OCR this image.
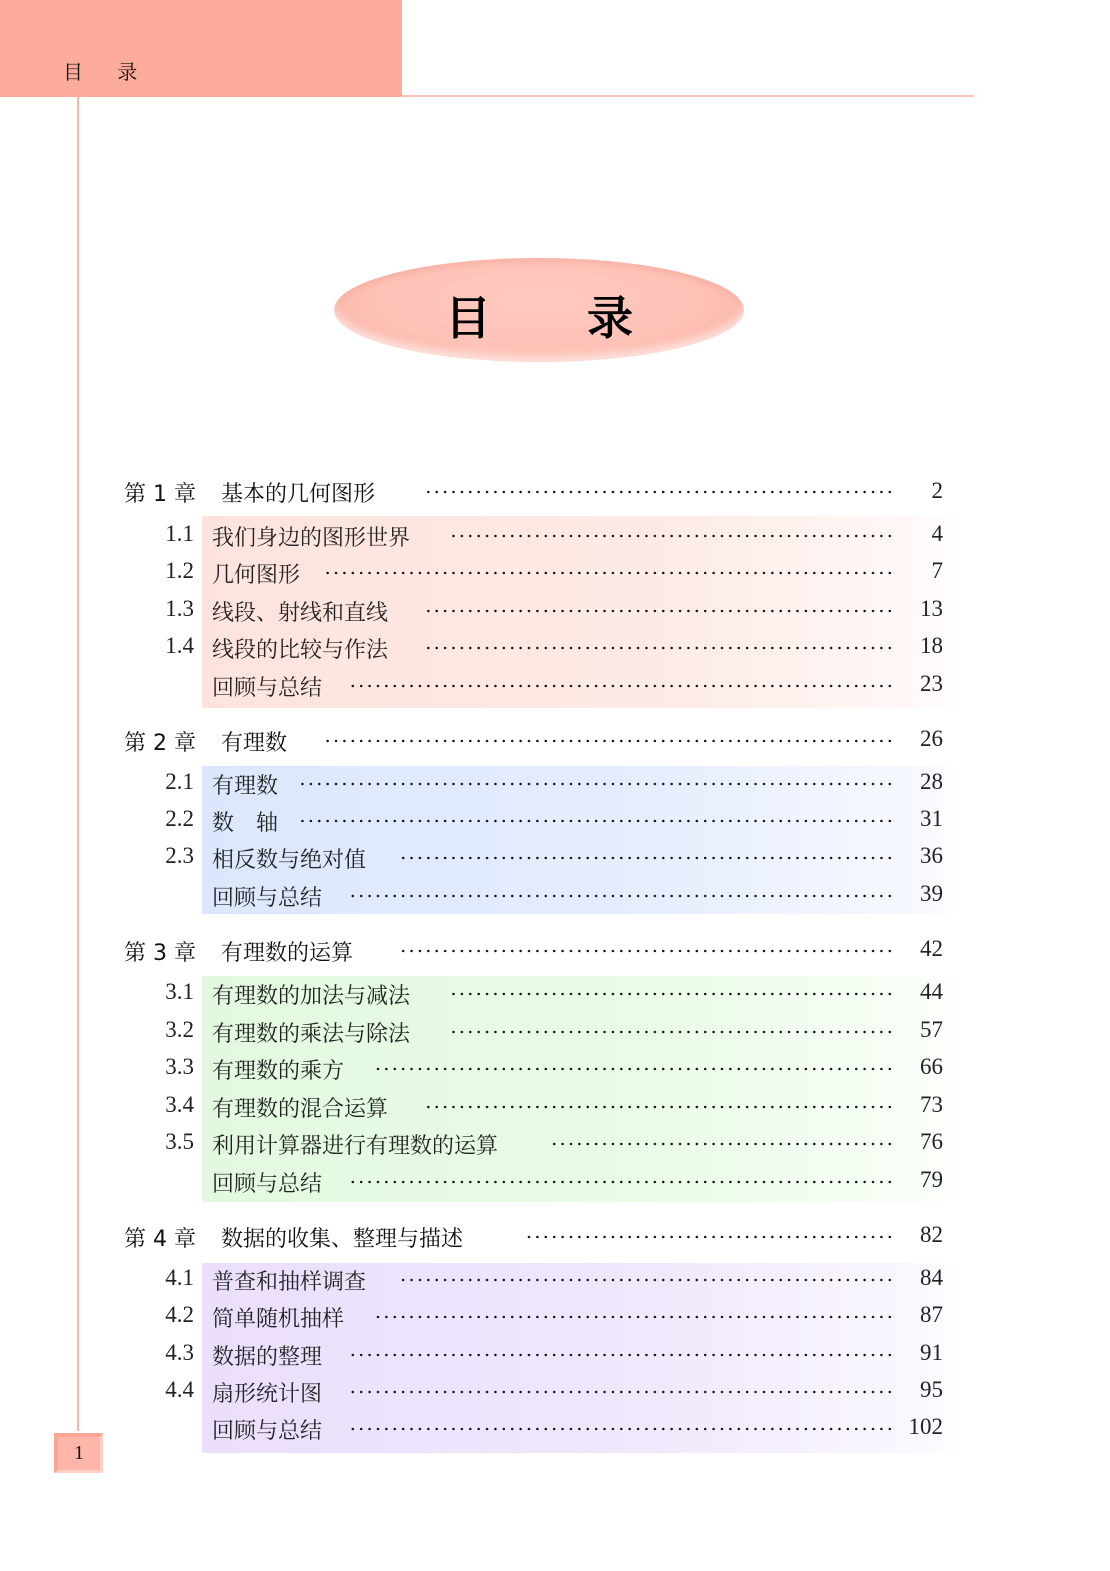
目 录
目 录
第 1 章 基本的几何图形	2
1.1 我们身边的图形世界	4
1.2 几何图形	7
1.3 线段、射线和直线	13
1.4 线段的比较与作法	18
回顾与总结	23
第 2 章 有理数	26
2.1 有理数	28
2.2 数　轴	31
2.3 相反数与绝对值	36
回顾与总结	39
第 3 章 有理数的运算	42
3.1 有理数的加法与减法	44
3.2 有理数的乘法与除法	57
3.3 有理数的乘方	66
3.4 有理数的混合运算	73
3.5 利用计算器进行有理数的运算	76
回顾与总结	79
第 4 章 数据的收集、整理与描述	82
4.1 普查和抽样调查	84
4.2 简单随机抽样	87
4.3 数据的整理	91
4.4 扇形统计图	95
回顾与总结	102
1
